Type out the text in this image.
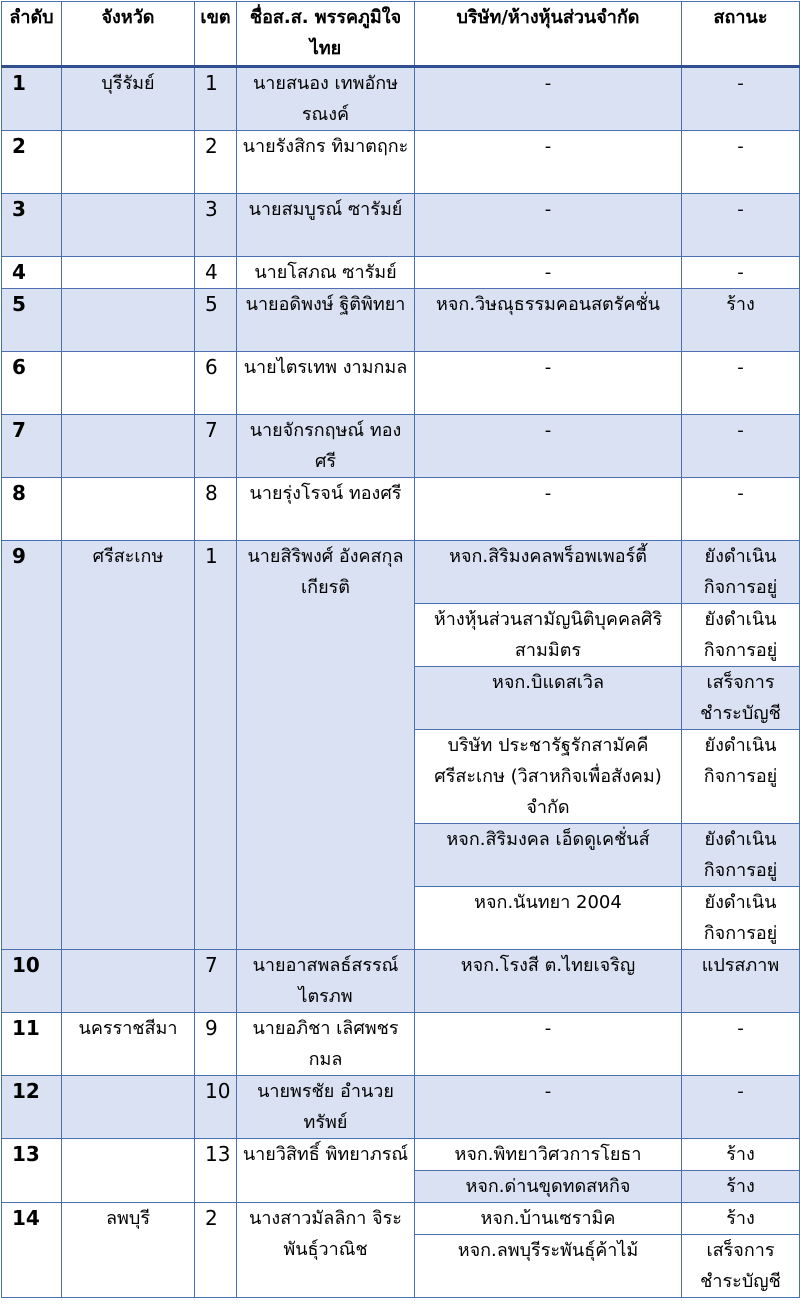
ลำดับ	จังหวัด	เขต	ชื่อส.ส. พรรคภูมิใจไทย	บริษัท/ห้างหุ้นส่วนจำกัด	สถานะ
1	บุรีรัมย์	1	นายสนอง เทพอักษรณงค์	-	-
2		2	นายรังสิกร ทิมาตฤกะ	-	-
3		3	นายสมบูรณ์ ซารัมย์	-	-
4		4	นายโสภณ ซารัมย์	-	-
5		5	นายอดิพงษ์ ฐิติพิทยา	หจก.วิษณุธรรมคอนสตรัคชั่น	ร้าง
6		6	นายไตรเทพ งามกมล	-	-
7		7	นายจักรกฤษณ์ ทองศรี	-	-
8		8	นายรุ่งโรจน์ ทองศรี	-	-
9	ศรีสะเกษ	1	นายสิริพงศ์ อังคสกุลเกียรติ	หจก.สิริมงคลพร็อพเพอร์ตี้	ยังดำเนินกิจการอยู่
				ห้างหุ้นส่วนสามัญนิติบุคคลศิริสามมิตร	ยังดำเนินกิจการอยู่
				หจก.บิแดสเวิล	เสร็จการชำระบัญชี
				บริษัท ประชารัฐรักสามัคคีศรีสะเกษ (วิสาหกิจเพื่อสังคม) จำกัด	ยังดำเนินกิจการอยู่
				หจก.สิริมงคล เอ็ดดูเคชั่นส์	ยังดำเนินกิจการอยู่
				หจก.นันทยา 2004	ยังดำเนินกิจการอยู่
10		7	นายอาสพลธ์สรรณ์ไตรภพ	หจก.โรงสี ต.ไทยเจริญ	แปรสภาพ
11	นครราชสีมา	9	นายอภิชา เลิศพชรกมล	-	-
12		10	นายพรชัย อำนวยทรัพย์	-	-
13		13	นายวิสิทธิ์ พิทยาภรณ์	หจก.พิทยาวิศวการโยธา	ร้าง
				หจก.ด่านขุดทดสหกิจ	ร้าง
14	ลพบุรี	2	นางสาวมัลลิกา จิระพันธุ์วาณิช	หจก.บ้านเซรามิค	ร้าง
				หจก.ลพบุรีระพันธุ์ค้าไม้	เสร็จการชำระบัญชี
